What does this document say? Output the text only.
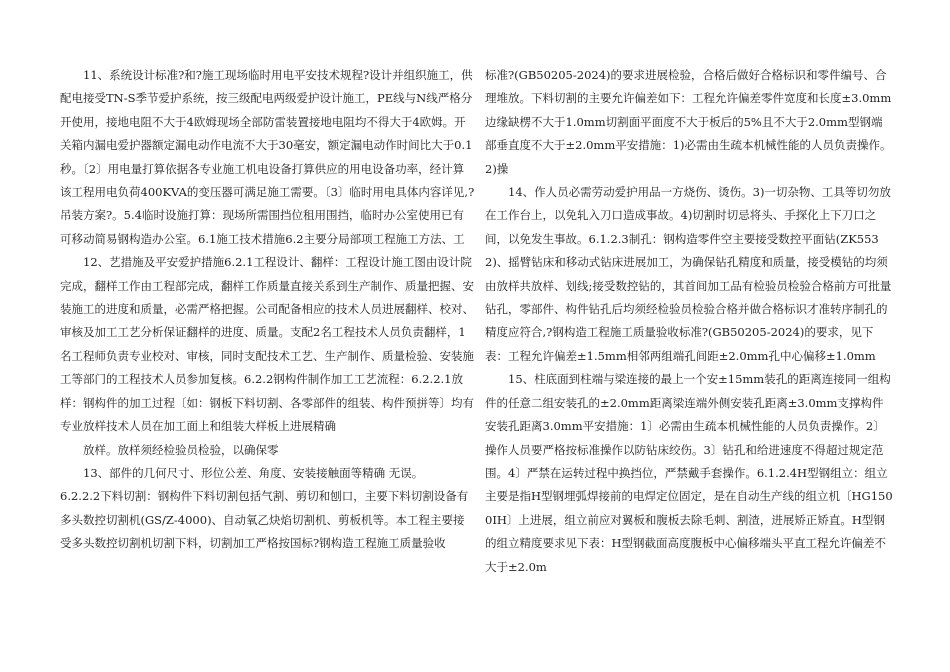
11、系统设计标准?和?施工现场临时用电平安技术规程?设计并组织施工，供配电接受TN-S季节爱护系统，按三级配电两级爱护设计施工，PE线与N线严格分开使用，接地电阻不大于4欧姆现场全部防雷装置接地电阻均不得大于4欧姆。开关箱内漏电爱护器额定漏电动作电流不大于30毫安，额定漏电动作时间比大于0.1秒。〔2〕用电量打算依据各专业施工机电设备打算供应的用电设备功率，经计算该工程用电负荷400KVA的变压器可满足施工需要。〔3〕临时用电具体内容详见,?吊装方案?。5.4临时设施打算：现场所需围挡位租用围挡，临时办公室使用已有可移动简易钢构造办公室。6.1施工技术措施6.2主要分局部项工程施工方法、工

12、艺措施及平安爱护措施6.2.1工程设计、翻样：工程设计施工图由设计院完成，翻样工作由工程部完成，翻样工作质量直接关系到生产制作、质量把握、安装施工的进度和质量，必需严格把握。公司配备相应的技术人员进展翻样、校对、审核及加工工艺分析保证翻样的进度、质量。支配2名工程技术人员负责翻样，1名工程师负责专业校对、审核，同时支配技术工艺、生产制作、质量检验、安装施工等部门的工程技术人员参加复核。6.2.2钢构件制作加工工艺流程：6.2.2.1放样：钢构件的加工过程〔如：钢板下料切割、各零部件的组装、构件预拼等〕均有专业放样技术人员在加工面上和组装大样板上进展精确

放样。放样须经检验员检验，以确保零

13、部件的几何尺寸、形位公差、角度、安装接触面等精确 无误。

6.2.2.2下料切割：钢构件下料切割包括气割、剪切和刨口，主要下料切割设备有多头数控切割机(GS/Z-4000)、自动氧乙炔焰切割机、剪板机等。本工程主要接受多头数控切割机切割下料，切割加工严格按国标?钢构造工程施工质量验收

标准?(GB50205-2024)的要求进展检验，合格后做好合格标识和零件编号、合理堆放。下料切割的主要允许偏差如下：工程允许偏差零件宽度和长度±3.0mm边缘缺楞不大于1.0mm切割面平面度不大于板后的5%且不大于2.0mm型钢端部垂直度不大于±2.0mm平安措施：1)必需由生疏本机械性能的人员负责操作。2)操

14、作人员必需劳动爱护用品一方烧伤、烫伤。3)一切杂物、工具等切勿放在工作台上，以免轧入刀口造成事故。4)切割时切忌将头、手探化上下刀口之间，以免发生事故。6.1.2.3制孔：钢构造零件空主要接受数控平面钻(ZK5532)、摇臂钻床和移动式钻床进展加工，为确保钻孔精度和质量，接受模钻的均须由放样共放样、划线;接受数控钻的，其首间加工品有检验员检验合格前方可批量钻孔，零部件、构件钻孔后均须经检验员检验合格并做合格标识才准转序制孔的精度应符合,?钢构造工程施工质量验收标准?(GB50205-2024)的要求，见下表：工程允许偏差±1.5mm相邻两组端孔间距±2.0mm孔中心偏移±1.0mm

15、柱底面到柱端与梁连接的最上一个安±15mm装孔的距离连接同一组构件的任意二组安装孔的±2.0mm距离梁连端外侧安装孔距离±3.0mm支撑构件安装孔距离3.0mm平安措施：1〕必需由生疏本机械性能的人员负责操作。2〕操作人员要严格按标准操作以防钻床绞伤。3〕钻孔和给进速度不得超过规定范围。4〕严禁在运转过程中换挡位，严禁戴手套操作。6.1.2.4H型钢组立：组立主要是指H型钢埋弧焊接前的电焊定位固定，是在自动生产线的组立机〔HG1500IH〕上进展，组立前应对翼板和腹板去除毛刺、割渣，进展矫正矫直。H型钢的组立精度要求见下表：H型钢截面高度腹板中心偏移端头平直工程允许偏差不大于±2.0m
